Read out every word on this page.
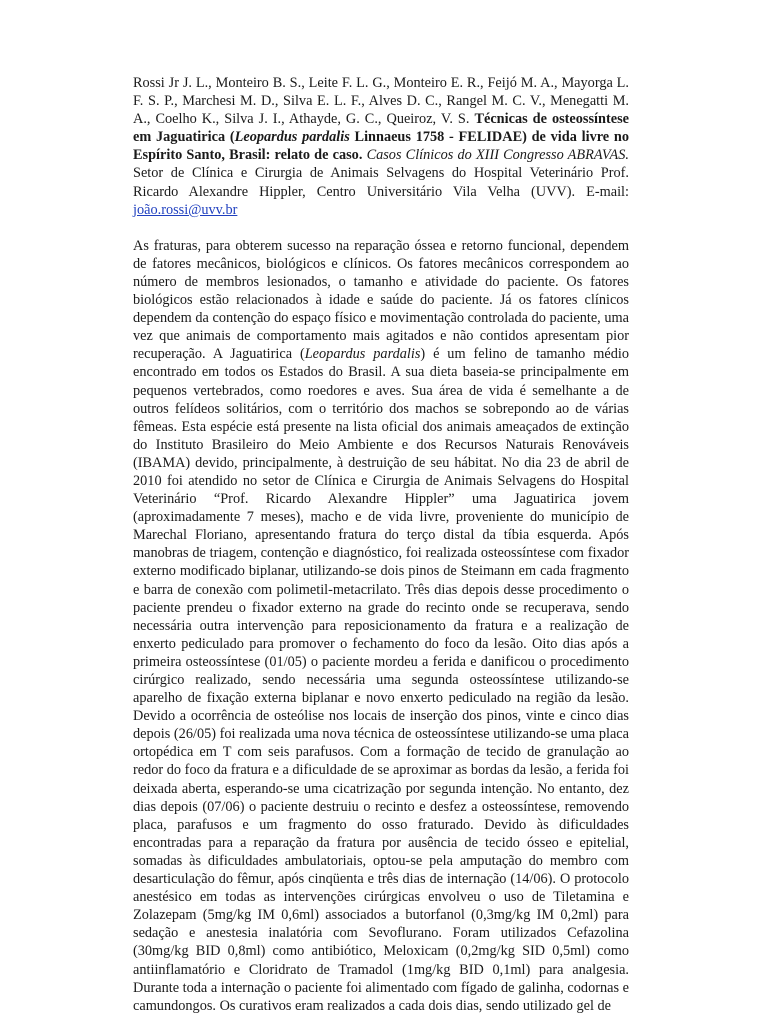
Rossi Jr J. L., Monteiro B. S., Leite F. L. G., Monteiro E. R., Feijó M. A., Mayorga L. F. S. P., Marchesi M. D., Silva E. L. F., Alves D. C., Rangel M. C. V., Menegatti M. A., Coelho K., Silva J. I., Athayde, G. C., Queiroz, V. S. Técnicas de osteossíntese em Jaguatirica (Leopardus pardalis Linnaeus 1758 - FELIDAE) de vida livre no Espírito Santo, Brasil: relato de caso. Casos Clínicos do XIII Congresso ABRAVAS. Setor de Clínica e Cirurgia de Animais Selvagens do Hospital Veterinário Prof. Ricardo Alexandre Hippler, Centro Universitário Vila Velha (UVV). E-mail: joão.rossi@uvv.br

As fraturas, para obterem sucesso na reparação óssea e retorno funcional, dependem de fatores mecânicos, biológicos e clínicos. Os fatores mecânicos correspondem ao número de membros lesionados, o tamanho e atividade do paciente. Os fatores biológicos estão relacionados à idade e saúde do paciente. Já os fatores clínicos dependem da contenção do espaço físico e movimentação controlada do paciente, uma vez que animais de comportamento mais agitados e não contidos apresentam pior recuperação. A Jaguatirica (Leopardus pardalis) é um felino de tamanho médio encontrado em todos os Estados do Brasil. A sua dieta baseia-se principalmente em pequenos vertebrados, como roedores e aves. Sua área de vida é semelhante a de outros felídeos solitários, com o território dos machos se sobrepondo ao de várias fêmeas. Esta espécie está presente na lista oficial dos animais ameaçados de extinção do Instituto Brasileiro do Meio Ambiente e dos Recursos Naturais Renováveis (IBAMA) devido, principalmente, à destruição de seu hábitat. No dia 23 de abril de 2010 foi atendido no setor de Clínica e Cirurgia de Animais Selvagens do Hospital Veterinário “Prof. Ricardo Alexandre Hippler” uma Jaguatirica jovem (aproximadamente 7 meses), macho e de vida livre, proveniente do município de Marechal Floriano, apresentando fratura do terço distal da tíbia esquerda. Após manobras de triagem, contenção e diagnóstico, foi realizada osteossíntese com fixador externo modificado biplanar, utilizando-se dois pinos de Steimann em cada fragmento e barra de conexão com polimetil-metacrilato. Três dias depois desse procedimento o paciente prendeu o fixador externo na grade do recinto onde se recuperava, sendo necessária outra intervenção para reposicionamento da fratura e a realização de enxerto pediculado para promover o fechamento do foco da lesão. Oito dias após a primeira osteossíntese (01/05) o paciente mordeu a ferida e danificou o procedimento cirúrgico realizado, sendo necessária uma segunda osteossíntese utilizando-se aparelho de fixação externa biplanar e novo enxerto pediculado na região da lesão. Devido a ocorrência de osteólise nos locais de inserção dos pinos, vinte e cinco dias depois (26/05) foi realizada uma nova técnica de osteossíntese utilizando-se uma placa ortopédica em T com seis parafusos. Com a formação de tecido de granulação ao redor do foco da fratura e a dificuldade de se aproximar as bordas da lesão, a ferida foi deixada aberta, esperando-se uma cicatrização por segunda intenção. No entanto, dez dias depois (07/06) o paciente destruiu o recinto e desfez a osteossíntese, removendo placa, parafusos e um fragmento do osso fraturado. Devido às dificuldades encontradas para a reparação da fratura por ausência de tecido ósseo e epitelial, somadas às dificuldades ambulatoriais, optou-se pela amputação do membro com desarticulação do fêmur, após cinqüenta e três dias de internação (14/06). O protocolo anestésico em todas as intervenções cirúrgicas envolveu o uso de Tiletamina e Zolazepam (5mg/kg IM 0,6ml) associados a butorfanol (0,3mg/kg IM 0,2ml) para sedação e anestesia inalatória com Sevoflurano. Foram utilizados Cefazolina (30mg/kg BID 0,8ml) como antibiótico, Meloxicam (0,2mg/kg SID 0,5ml) como antiinflamatório e Cloridrato de Tramadol (1mg/kg BID 0,1ml) para analgesia. Durante toda a internação o paciente foi alimentado com fígado de galinha, codornas e camundongos. Os curativos eram realizados a cada dois dias, sendo utilizado gel de
